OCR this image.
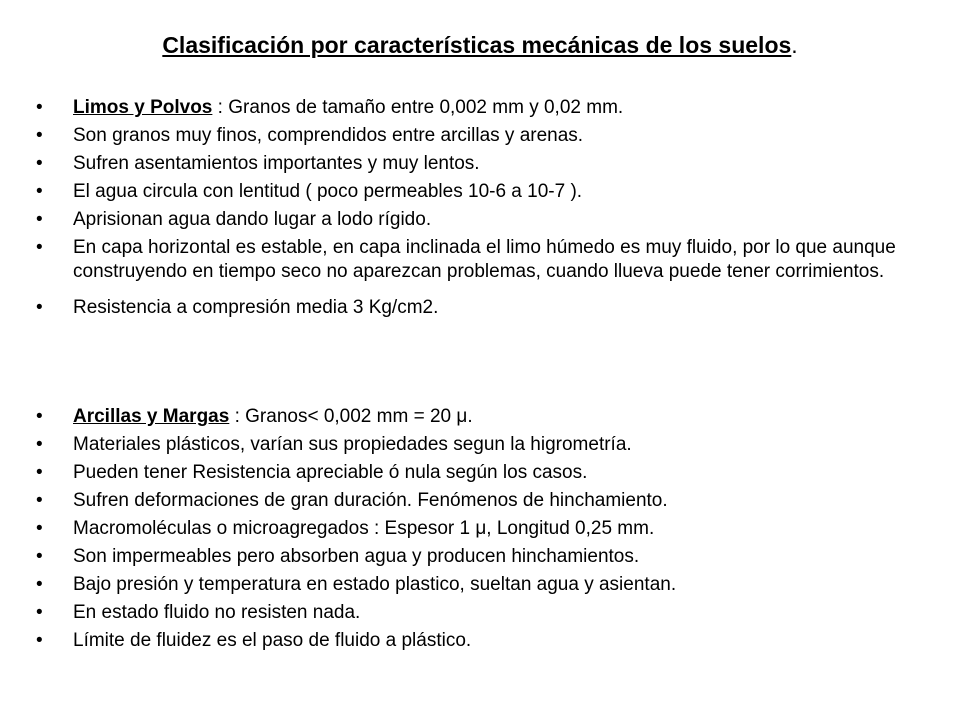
Clasificación por características mecánicas de los suelos.
• Limos y Polvos : Granos de tamaño entre 0,002 mm y 0,02 mm.
• Son granos muy finos, comprendidos entre arcillas y arenas.
• Sufren asentamientos importantes y muy lentos.
• El agua circula con lentitud ( poco permeables 10-6 a 10-7 ).
• Aprisionan agua dando lugar a lodo rígido.
• En capa horizontal es estable, en capa inclinada el limo húmedo es muy fluido, por lo que aunque construyendo en tiempo seco no aparezcan problemas, cuando llueva puede tener corrimientos.
• Resistencia a compresión media 3 Kg/cm2.
• Arcillas y Margas : Granos< 0,002 mm = 20 μ.
• Materiales plásticos, varían sus propiedades segun la higrometría.
• Pueden tener Resistencia apreciable ó nula según los casos.
• Sufren deformaciones de gran duración. Fenómenos de hinchamiento.
• Macromoléculas o microagregados : Espesor 1 μ, Longitud 0,25 mm.
• Son impermeables pero absorben agua y producen hinchamientos.
• Bajo presión y temperatura en estado plastico, sueltan agua y asientan.
• En estado fluido no resisten nada.
• Límite de fluidez es el paso de fluido a plástico.
